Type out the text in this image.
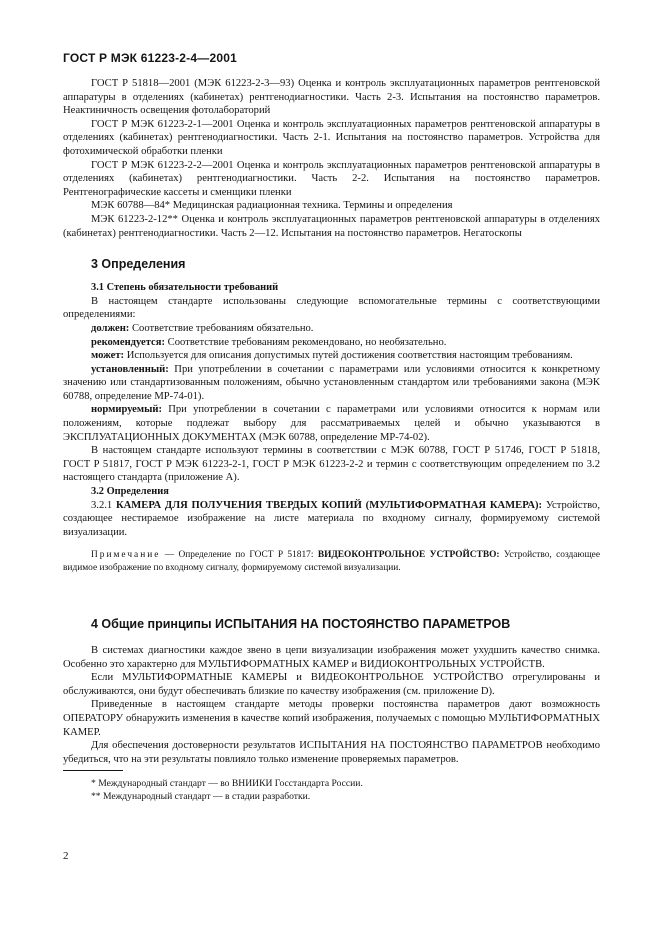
ГОСТ Р МЭК 61223-2-4—2001

ГОСТ Р 51818—2001 (МЭК 61223-2-3—93) Оценка и контроль эксплуатационных параметров рентгеновской аппаратуры в отделениях (кабинетах) рентгенодиагностики. Часть 2-3. Испытания на постоянство параметров. Неактиничность освещения фотолабораторий

ГОСТ Р МЭК 61223-2-1—2001 Оценка и контроль эксплуатационных параметров рентгеновской аппаратуры в отделениях (кабинетах) рентгенодиагностики. Часть 2-1. Испытания на постоянство параметров. Устройства для фотохимической обработки пленки

ГОСТ Р МЭК 61223-2-2—2001 Оценка и контроль эксплуатационных параметров рентгеновской аппаратуры в отделениях (кабинетах) рентгенодиагностики. Часть 2-2. Испытания на постоянство параметров. Рентгенографические кассеты и сменщики пленки

МЭК 60788—84* Медицинская радиационная техника. Термины и определения

МЭК 61223-2-12** Оценка и контроль эксплуатационных параметров рентгеновской аппаратуры в отделениях (кабинетах) рентгенодиагностики. Часть 2—12. Испытания на постоянство параметров. Негатоскопы

3 Определения

3.1 Степень обязательности требований

В настоящем стандарте использованы следующие вспомогательные термины с соответствующими определениями:

должен: Соответствие требованиям обязательно.

рекомендуется: Соответствие требованиям рекомендовано, но необязательно.

может: Используется для описания допустимых путей достижения соответствия настоящим требованиям.

установленный: При употреблении в сочетании с параметрами или условиями относится к конкретному значению или стандартизованным положениям, обычно установленным стандартом или требованиями закона (МЭК 60788, определение МР-74-01).

нормируемый: При употреблении в сочетании с параметрами или условиями относится к нормам или положениям, которые подлежат выбору для рассматриваемых целей и обычно указываются в ЭКСПЛУАТАЦИОННЫХ ДОКУМЕНТАХ (МЭК 60788, определение МР-74-02).

В настоящем стандарте используют термины в соответствии с МЭК 60788, ГОСТ Р 51746, ГОСТ Р 51818, ГОСТ Р 51817, ГОСТ Р МЭК 61223-2-1, ГОСТ Р МЭК 61223-2-2 и термин с соответствующим определением по 3.2 настоящего стандарта (приложение А).

3.2 Определения

3.2.1 КАМЕРА ДЛЯ ПОЛУЧЕНИЯ ТВЕРДЫХ КОПИЙ (МУЛЬТИФОРМАТНАЯ КАМЕРА): Устройство, создающее нестираемое изображение на листе материала по входному сигналу, формируемому системой визуализации.

Примечание — Определение по ГОСТ Р 51817: ВИДЕОКОНТРОЛЬНОЕ УСТРОЙСТВО: Устройство, создающее видимое изображение по входному сигналу, формируемому системой визуализации.

4 Общие принципы ИСПЫТАНИЯ НА ПОСТОЯНСТВО ПАРАМЕТРОВ

В системах диагностики каждое звено в цепи визуализации изображения может ухудшить качество снимка. Особенно это характерно для МУЛЬТИФОРМАТНЫХ КАМЕР и ВИДИОКОНТРОЛЬНЫХ УСТРОЙСТВ.

Если МУЛЬТИФОРМАТНЫЕ КАМЕРЫ и ВИДЕОКОНТРОЛЬНОЕ УСТРОЙСТВО отрегулированы и обслуживаются, они будут обеспечивать близкие по качеству изображения (см. приложение D).

Приведенные в настоящем стандарте методы проверки постоянства параметров дают возможность ОПЕРАТОРУ обнаружить изменения в качестве копий изображения, получаемых с помощью МУЛЬТИФОРМАТНЫХ КАМЕР.

Для обеспечения достоверности результатов ИСПЫТАНИЯ НА ПОСТОЯНСТВО ПАРАМЕТРОВ необходимо убедиться, что на эти результаты повлияло только изменение проверяемых параметров.

* Международный стандарт — во ВНИИКИ Госстандарта России.

** Международный стандарт — в стадии разработки.

2
